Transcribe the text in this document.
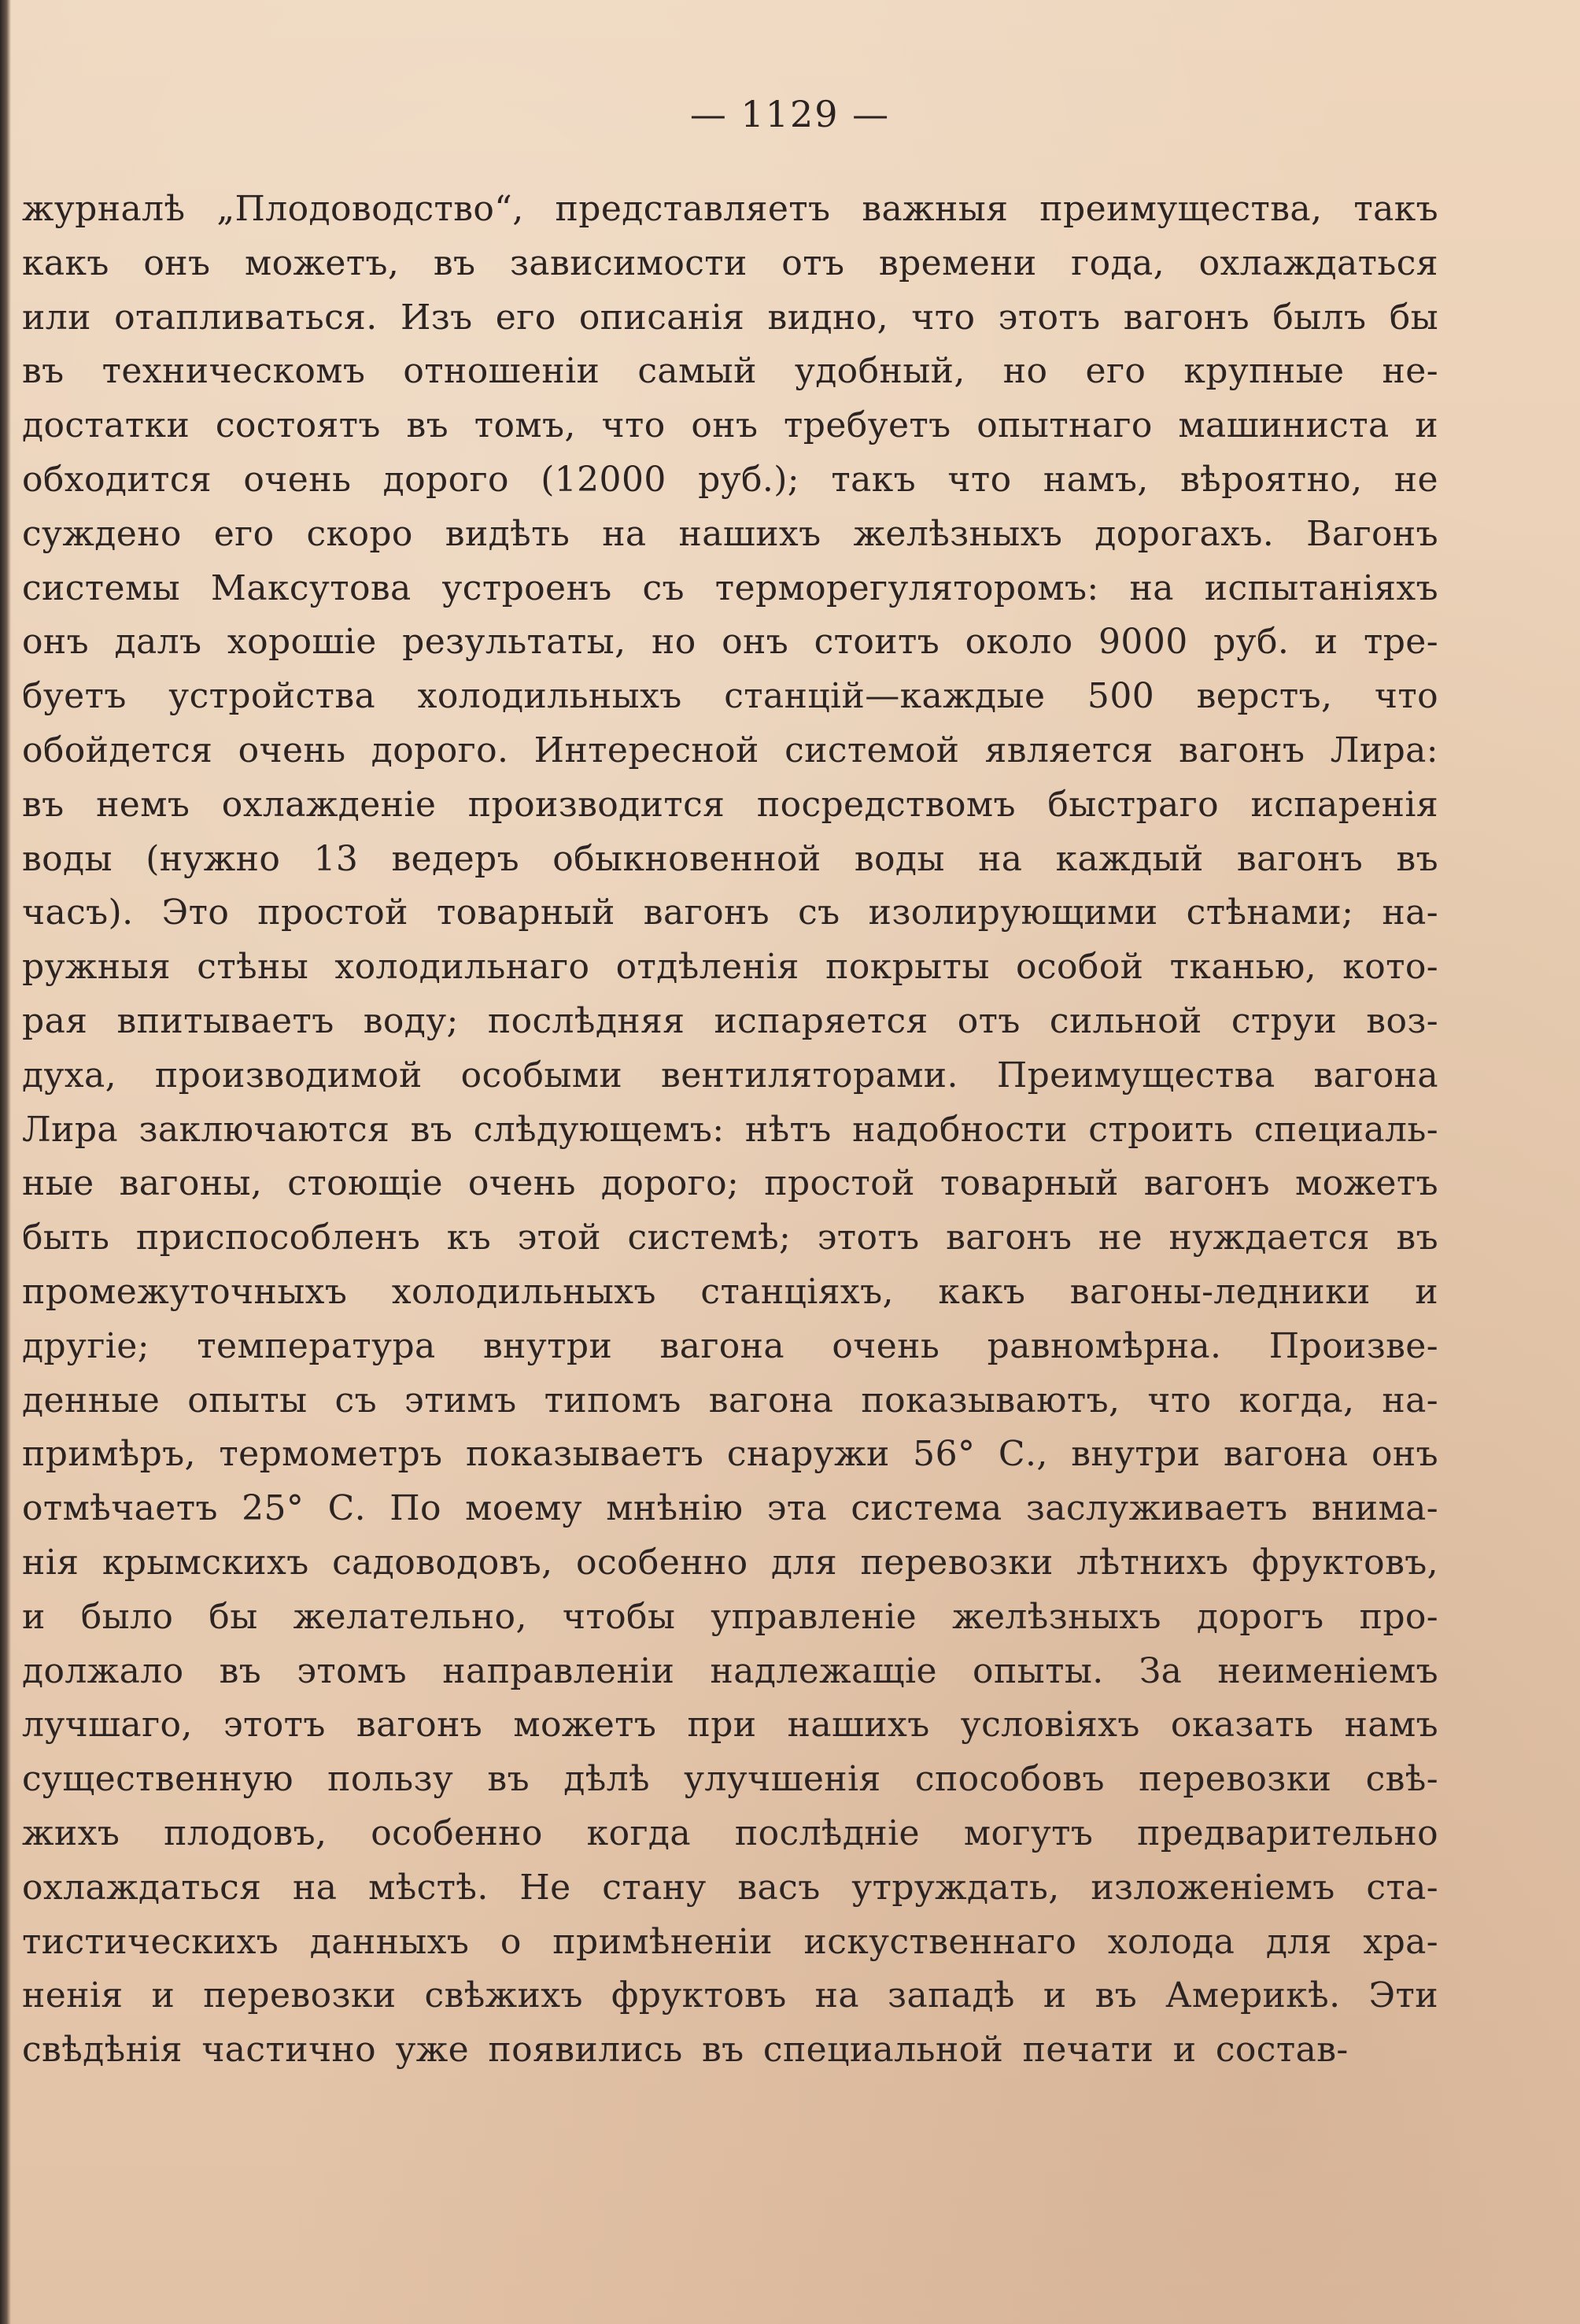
— 1129 —
журналѣ „Плодоводство“, представляетъ важныя преимущества, такъ
какъ онъ можетъ, въ зависимости отъ времени года, охлаждаться
или отапливаться. Изъ его описанія видно, что этотъ вагонъ былъ бы
въ техническомъ отношеніи самый удобный, но его крупные не-
достатки состоятъ въ томъ, что онъ требуетъ опытнаго машиниста и
обходится очень дорого (12000 руб.); такъ что намъ, вѣроятно, не
суждено его скоро видѣть на нашихъ желѣзныхъ дорогахъ. Вагонъ
системы Максутова устроенъ съ терморегуляторомъ: на испытаніяхъ
онъ далъ хорошіе результаты, но онъ стоитъ около 9000 руб. и тре-
буетъ устройства холодильныхъ станцій—каждые 500 верстъ, что
обойдется очень дорого. Интересной системой является вагонъ Лира:
въ немъ охлажденіе производится посредствомъ быстраго испаренія
воды (нужно 13 ведеръ обыкновенной воды на каждый вагонъ въ
часъ). Это простой товарный вагонъ съ изолирующими стѣнами; на-
ружныя стѣны холодильнаго отдѣленія покрыты особой тканью, кото-
рая впитываетъ воду; послѣдняя испаряется отъ сильной струи воз-
духа, производимой особыми вентиляторами. Преимущества вагона
Лира заключаются въ слѣдующемъ: нѣтъ надобности строить специаль-
ные вагоны, стоющіе очень дорого; простой товарный вагонъ можетъ
быть приспособленъ къ этой системѣ; этотъ вагонъ не нуждается въ
промежуточныхъ холодильныхъ станціяхъ, какъ вагоны-ледники и
другіе; температура внутри вагона очень равномѣрна. Произве-
денные опыты съ этимъ типомъ вагона показываютъ, что когда, на-
примѣръ, термометръ показываетъ снаружи 56° С., внутри вагона онъ
отмѣчаетъ 25° С. По моему мнѣнію эта система заслуживаетъ внима-
нія крымскихъ садоводовъ, особенно для перевозки лѣтнихъ фруктовъ,
и было бы желательно, чтобы управленіе желѣзныхъ дорогъ про-
должало въ этомъ направленіи надлежащіе опыты. За неименіемъ
лучшаго, этотъ вагонъ можетъ при нашихъ условіяхъ оказать намъ
существенную пользу въ дѣлѣ улучшенія способовъ перевозки свѣ-
жихъ плодовъ, особенно когда послѣдніе могутъ предварительно
охлаждаться на мѣстѣ. Не стану васъ утруждать, изложеніемъ ста-
тистическихъ данныхъ о примѣненіи искуственнаго холода для хра-
ненія и перевозки свѣжихъ фруктовъ на западѣ и въ Америкѣ. Эти
свѣдѣнія частично уже появились въ специальной печати и состав-
